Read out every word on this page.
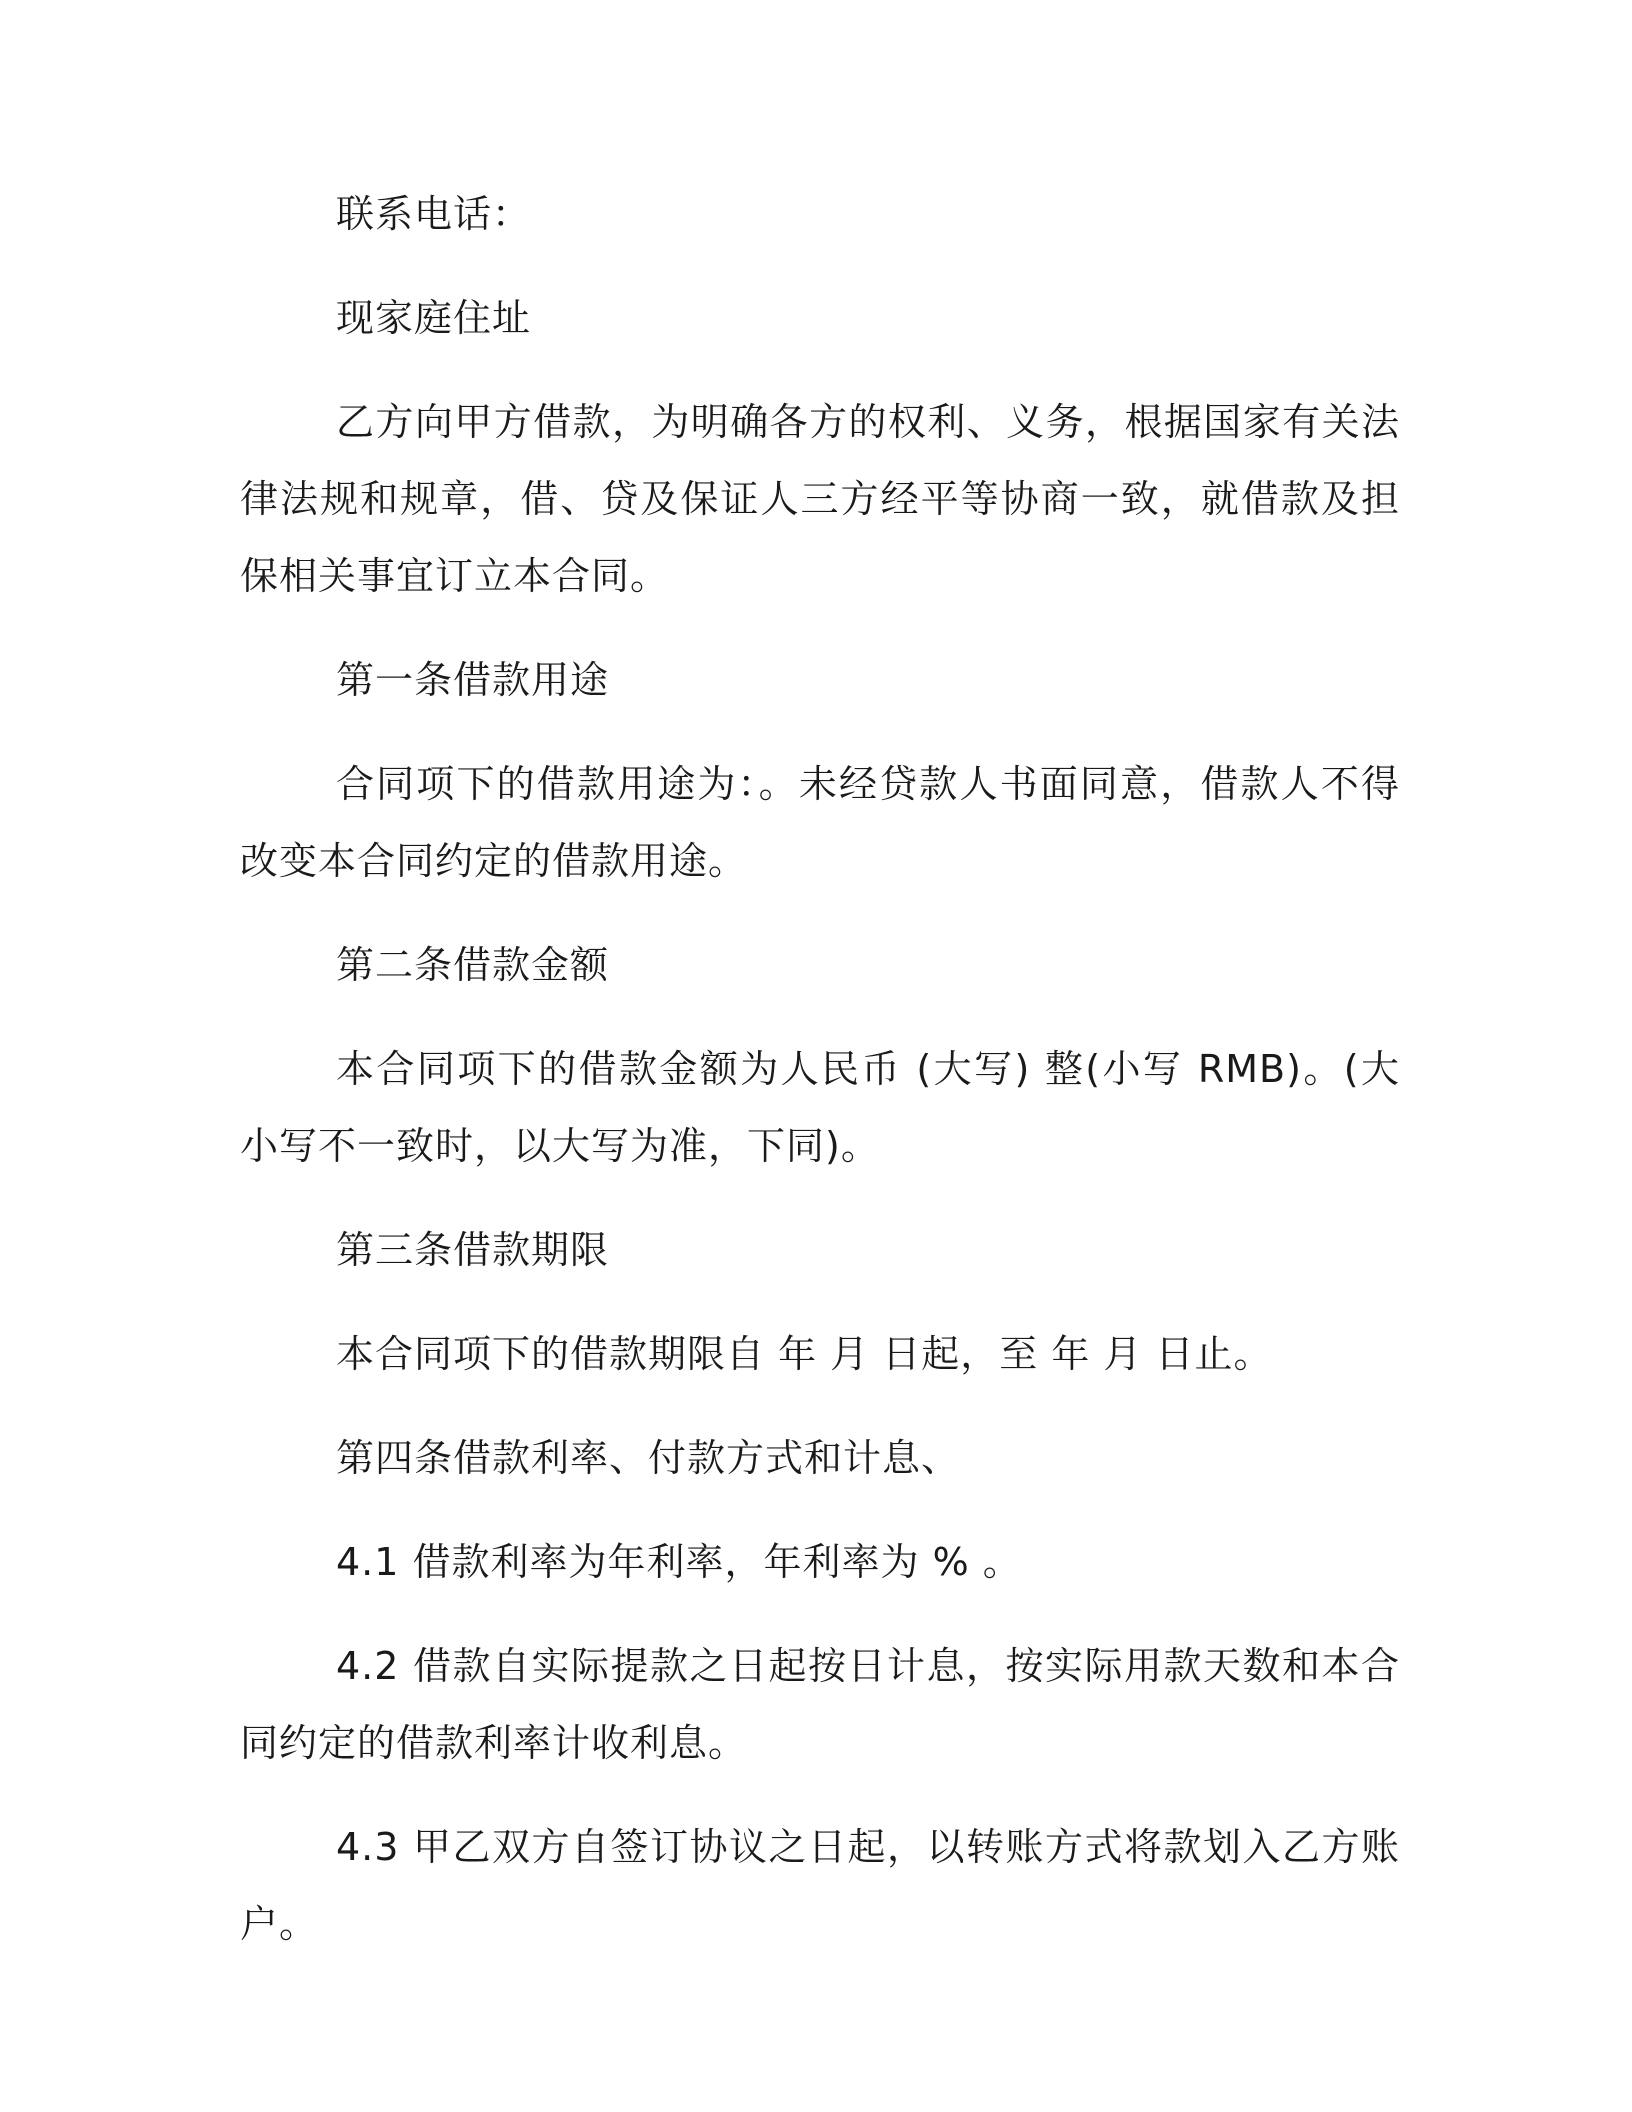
联系电话：

现家庭住址

乙方向甲方借款，为明确各方的权利、义务，根据国家有关法律法规和规章，借、贷及保证人三方经平等协商一致，就借款及担保相关事宜订立本合同。

第一条借款用途

合同项下的借款用途为：。未经贷款人书面同意，借款人不得改变本合同约定的借款用途。

第二条借款金额

本合同项下的借款金额为人民币 (大写) 整(小写 RMB)。(大小写不一致时，以大写为准，下同)。

第三条借款期限

本合同项下的借款期限自 年 月 日起，至 年 月 日止。

第四条借款利率、付款方式和计息、

4.1 借款利率为年利率，年利率为 % 。

4.2 借款自实际提款之日起按日计息，按实际用款天数和本合同约定的借款利率计收利息。

4.3 甲乙双方自签订协议之日起，以转账方式将款划入乙方账户。
